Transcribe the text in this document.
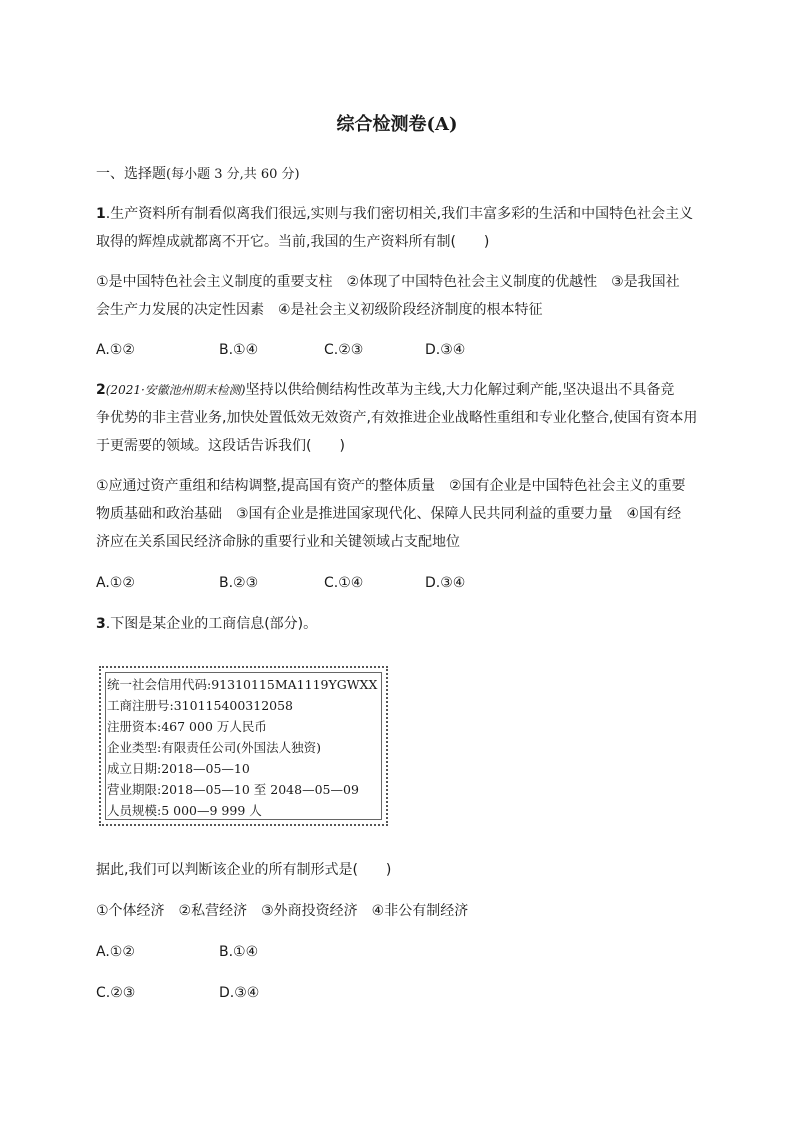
综合检测卷(A)
一、选择题(每小题 3 分,共 60 分)
1.生产资料所有制看似离我们很远,实则与我们密切相关,我们丰富多彩的生活和中国特色社会主义
取得的辉煌成就都离不开它。当前,我国的生产资料所有制(　　)
①是中国特色社会主义制度的重要支柱　②体现了中国特色社会主义制度的优越性　③是我国社
会生产力发展的决定性因素　④是社会主义初级阶段经济制度的根本特征
A.①②	B.①④	C.②③	D.③④
2(2021·安徽池州期末检测)坚持以供给侧结构性改革为主线,大力化解过剩产能,坚决退出不具备竞
争优势的非主营业务,加快处置低效无效资产,有效推进企业战略性重组和专业化整合,使国有资本用
于更需要的领域。这段话告诉我们(　　)
①应通过资产重组和结构调整,提高国有资产的整体质量　②国有企业是中国特色社会主义的重要
物质基础和政治基础　③国有企业是推进国家现代化、保障人民共同利益的重要力量　④国有经
济应在关系国民经济命脉的重要行业和关键领域占支配地位
A.①②	B.②③	C.①④	D.③④
3.下图是某企业的工商信息(部分)。
统一社会信用代码:91310115MA1119YGWXX
工商注册号:310115400312058
注册资本:467 000 万人民币
企业类型:有限责任公司(外国法人独资)
成立日期:2018—05—10
营业期限:2018—05—10 至 2048—05—09
人员规模:5 000—9 999 人
据此,我们可以判断该企业的所有制形式是(　　)
①个体经济　②私营经济　③外商投资经济　④非公有制经济
A.①②	B.①④
C.②③	D.③④
